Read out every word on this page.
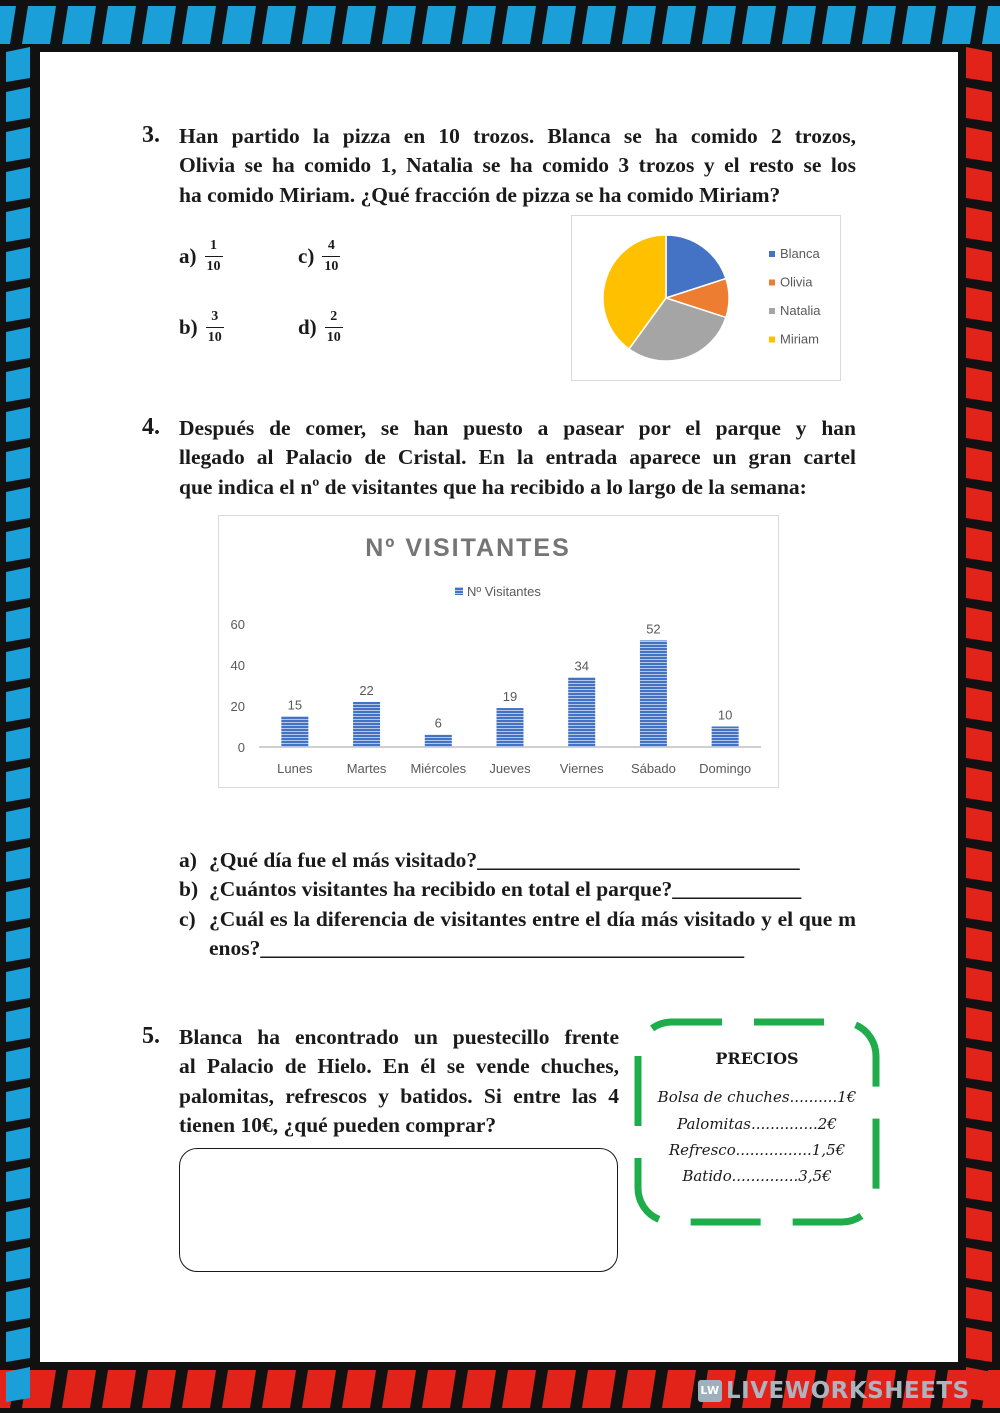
3. Han partido la pizza en 10 trozos. Blanca se ha comido 2 trozos,
Olivia se ha comido 1, Natalia se ha comido 3 trozos y el resto se los
ha comido Miriam. ¿Qué fracción de pizza se ha comido Miriam?
$a) \frac{1}{10}$	$c) \frac{4}{10}$
$b) \frac{3}{10}$	$d) \frac{2}{10}$
Blanca
Olivia
Natalia
Miriam
4. Después de comer, se han puesto a pasear por el parque y han
llegado al Palacio de Cristal. En la entrada aparece un gran cartel
que indica el nº de visitantes que ha recibido a lo largo de la semana:
Nº VISITANTES
Nº Visitantes
0
20
40
60
15
Lunes
22
Martes
6
Miércoles
19
Jueves
34
Viernes
52
Sábado
10
Domingo
a) ¿Qué día fue el más visitado?______________________________
b) ¿Cuántos visitantes ha recibido en total el parque?____________
c) ¿Cuál es la diferencia de visitantes entre el día más visitado y el que menos?_____________________________________________
5. Blanca ha encontrado un puestecillo frente
al Palacio de Hielo. En él se vende chuches,
palomitas, refrescos y batidos. Si entre las 4
tienen 10€, ¿qué pueden comprar?
PRECIOS
Bolsa de chuches..........1€
Palomitas..............2€
Refresco................1,5€
Batido..............3,5€
LW LIVEWORKSHEETS
